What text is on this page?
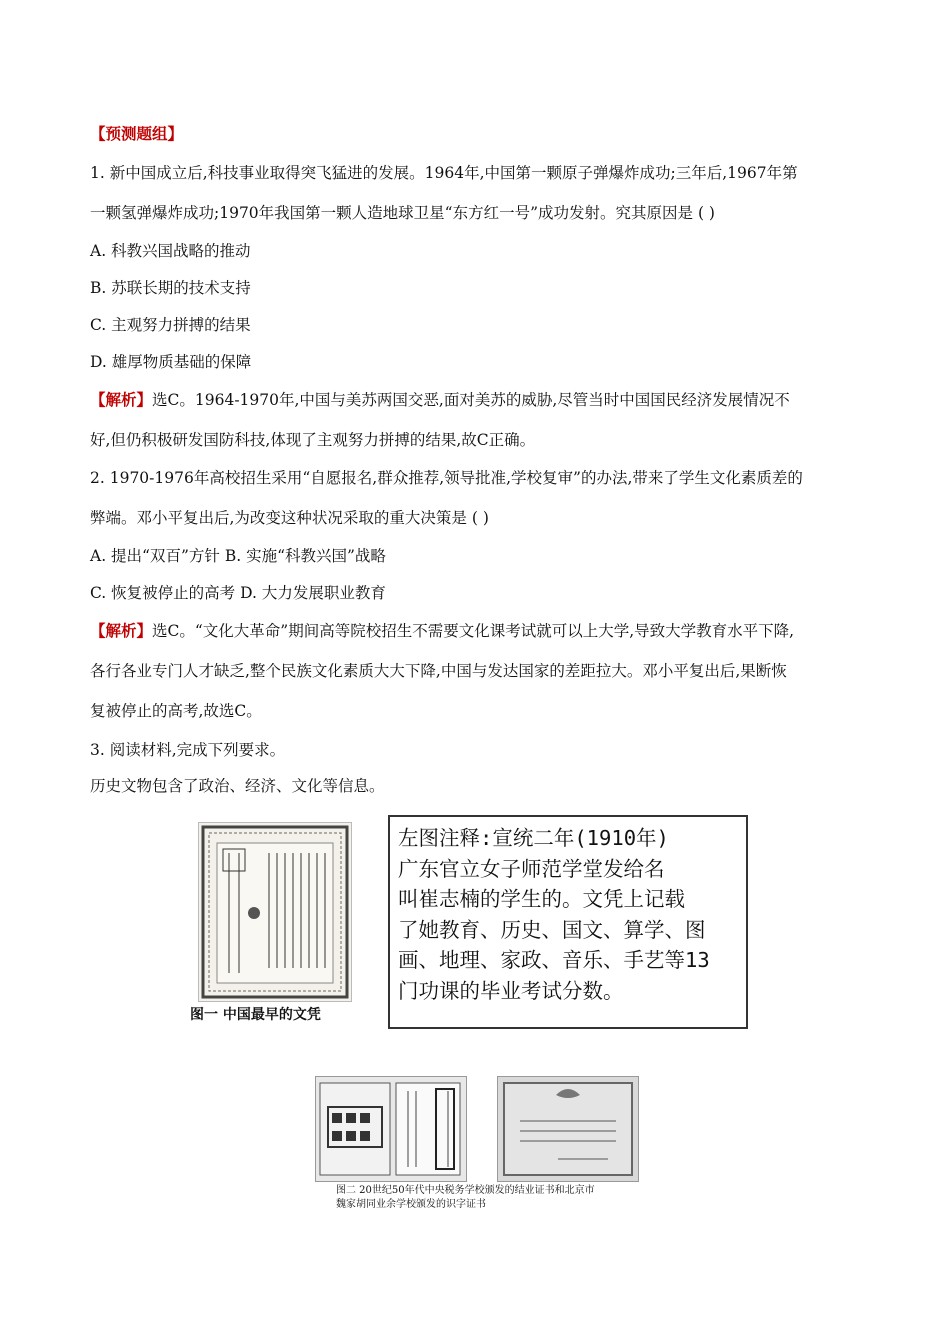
【预测题组】
1. 新中国成立后,科技事业取得突飞猛进的发展。1964年,中国第一颗原子弹爆炸成功;三年后,1967年第
一颗氢弹爆炸成功;1970年我国第一颗人造地球卫星“东方红一号”成功发射。究其原因是 ( )
A. 科教兴国战略的推动
B. 苏联长期的技术支持
C. 主观努力拼搏的结果
D. 雄厚物质基础的保障
【解析】选C。1964-1970年,中国与美苏两国交恶,面对美苏的威胁,尽管当时中国国民经济发展情况不
好,但仍积极研发国防科技,体现了主观努力拼搏的结果,故C正确。
2. 1970-1976年高校招生采用“自愿报名,群众推荐,领导批准,学校复审”的办法,带来了学生文化素质差的
弊端。邓小平复出后,为改变这种状况采取的重大决策是 ( )
A. 提出“双百”方针 B. 实施“科教兴国”战略
C. 恢复被停止的高考 D. 大力发展职业教育
【解析】选C。“文化大革命”期间高等院校招生不需要文化课考试就可以上大学,导致大学教育水平下降,
各行各业专门人才缺乏,整个民族文化素质大大下降,中国与发达国家的差距拉大。邓小平复出后,果断恢
复被停止的高考,故选C。
3. 阅读材料,完成下列要求。
历史文物包含了政治、经济、文化等信息。
图一 中国最早的文凭
左图注释:宣统二年(1910年)
广东官立女子师范学堂发给名
叫崔志楠的学生的。文凭上记载
了她教育、历史、国文、算学、图
画、地理、家政、音乐、手艺等13
门功课的毕业考试分数。
图二 20世纪50年代中央税务学校颁发的结业证书和北京市
魏家胡同业余学校颁发的识字证书
